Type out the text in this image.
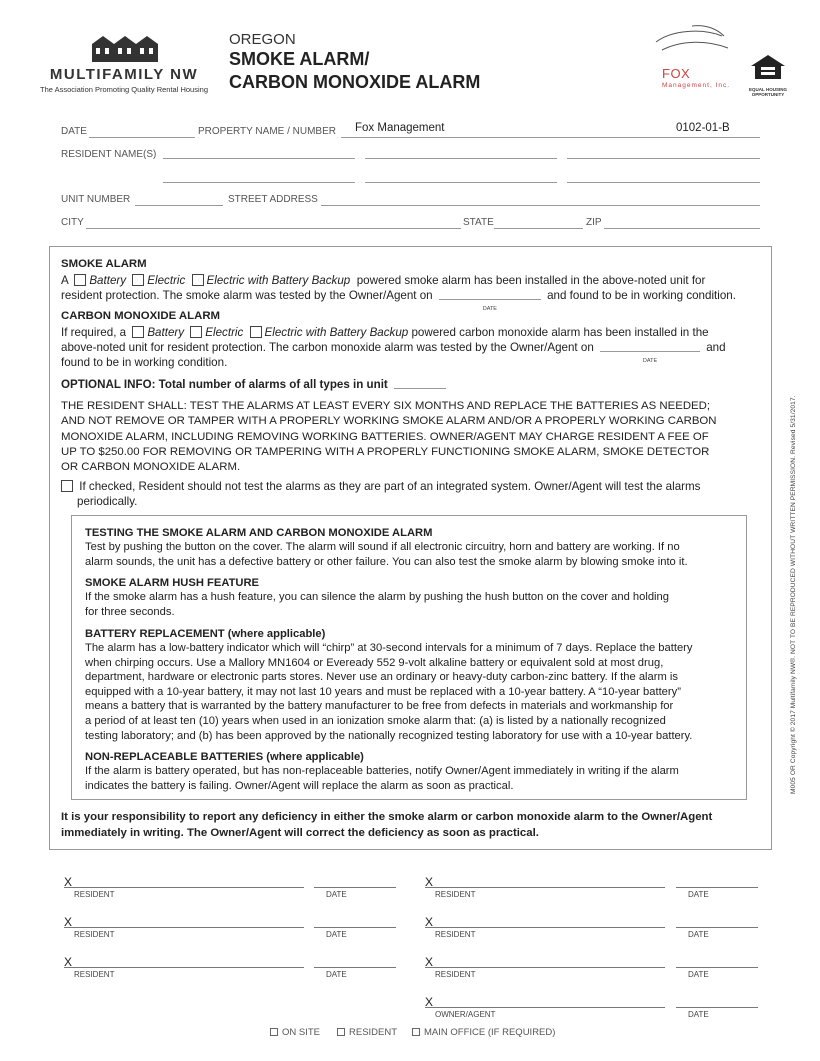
MULTIFAMILY NW
The Association Promoting Quality Rental Housing
OREGON
SMOKE ALARM/
CARBON MONOXIDE ALARM	FOX
Management, Inc.
EQUAL HOUSING OPPORTUNITY
DATE	PROPERTY NAME / NUMBER Fox Management	0102-01-B
RESIDENT NAME(S)
UNIT NUMBER	STREET ADDRESS
CITY	STATE	ZIP
SMOKE ALARM
A Battery Electric Electric with Battery Backup powered smoke alarm has been installed in the above-noted unit for
resident protection. The smoke alarm was tested by the Owner/Agent on
DATE
and found to be in working condition.
CARBON MONOXIDE ALARM
If required, a Battery Electric Electric with Battery Backup powered carbon monoxide alarm has been installed in the
above-noted unit for resident protection. The carbon monoxide alarm was tested by the Owner/Agent on
DATE
and
found to be in working condition.
OPTIONAL INFO: Total number of alarms of all types in unit
THE RESIDENT SHALL: TEST THE ALARMS AT LEAST EVERY SIX MONTHS AND REPLACE THE BATTERIES AS NEEDED;
AND NOT REMOVE OR TAMPER WITH A PROPERLY WORKING SMOKE ALARM AND/OR A PROPERLY WORKING CARBON
MONOXIDE ALARM, INCLUDING REMOVING WORKING BATTERIES. OWNER/AGENT MAY CHARGE RESIDENT A FEE OF
UP TO $250.00 FOR REMOVING OR TAMPERING WITH A PROPERLY FUNCTIONING SMOKE ALARM, SMOKE DETECTOR
OR CARBON MONOXIDE ALARM.
If checked, Resident should not test the alarms as they are part of an integrated system. Owner/Agent will test the alarms
periodically.
TESTING THE SMOKE ALARM AND CARBON MONOXIDE ALARM
Test by pushing the button on the cover. The alarm will sound if all electronic circuitry, horn and battery are working. If no
alarm sounds, the unit has a defective battery or other failure. You can also test the smoke alarm by blowing smoke into it.
SMOKE ALARM HUSH FEATURE
If the smoke alarm has a hush feature, you can silence the alarm by pushing the hush button on the cover and holding
for three seconds.
BATTERY REPLACEMENT (where applicable)
The alarm has a low-battery indicator which will “chirp” at 30-second intervals for a minimum of 7 days. Replace the battery
when chirping occurs. Use a Mallory MN1604 or Eveready 552 9-volt alkaline battery or equivalent sold at most drug,
department, hardware or electronic parts stores. Never use an ordinary or heavy-duty carbon-zinc battery. If the alarm is
equipped with a 10-year battery, it may not last 10 years and must be replaced with a 10-year battery. A “10-year battery”
means a battery that is warranted by the battery manufacturer to be free from defects in materials and workmanship for
a period of at least ten (10) years when used in an ionization smoke alarm that: (a) is listed by a nationally recognized
testing laboratory; and (b) has been approved by the nationally recognized testing laboratory for use with a 10-year battery.
NON-REPLACEABLE BATTERIES (where applicable)
If the alarm is battery operated, but has non-replaceable batteries, notify Owner/Agent immediately in writing if the alarm
indicates the battery is failing. Owner/Agent will replace the alarm as soon as practical.
It is your responsibility to report any deficiency in either the smoke alarm or carbon monoxide alarm to the Owner/Agent
immediately in writing. The Owner/Agent will correct the deficiency as soon as practical.
M005 OR Copyright © 2017 Multifamily NW®. NOT TO BE REPRODUCED WITHOUT WRITTEN PERMISSION. Revised 5/31/2017.
X
RESIDENT	DATE
X
RESIDENT	DATE
X
RESIDENT	DATE
X
RESIDENT	DATE
X
RESIDENT	DATE
X
RESIDENT	DATE
X
OWNER/AGENT	DATE
ON SITE	RESIDENT	MAIN OFFICE (IF REQUIRED)
